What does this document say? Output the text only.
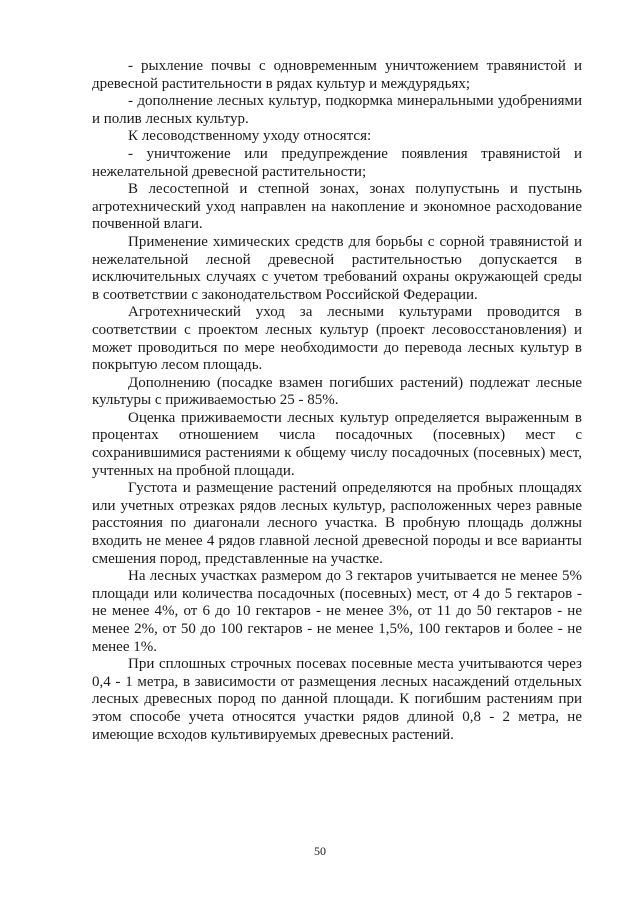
- рыхление почвы с одновременным уничтожением травянистой и древесной растительности в рядах культур и междурядьях;

- дополнение лесных культур, подкормка минеральными удобрениями и полив лесных культур.

К лесоводственному уходу относятся:

- уничтожение или предупреждение появления травянистой и нежелательной древесной растительности;

В лесостепной и степной зонах, зонах полупустынь и пустынь агротехнический уход направлен на накопление и экономное расходование почвенной влаги.

Применение химических средств для борьбы с сорной травянистой и нежелательной лесной древесной растительностью допускается в исключительных случаях с учетом требований охраны окружающей среды в соответствии с законодательством Российской Федерации.

Агротехнический уход за лесными культурами проводится в соответствии с проектом лесных культур (проект лесовосстановления) и может проводиться по мере необходимости до перевода лесных культур в покрытую лесом площадь.

Дополнению (посадке взамен погибших растений) подлежат лесные культуры с приживаемостью 25 - 85%.

Оценка приживаемости лесных культур определяется выраженным в процентах отношением числа посадочных (посевных) мест с сохранившимися растениями к общему числу посадочных (посевных) мест, учтенных на пробной площади.

Густота и размещение растений определяются на пробных площадях или учетных отрезках рядов лесных культур, расположенных через равные расстояния по диагонали лесного участка. В пробную площадь должны входить не менее 4 рядов главной лесной древесной породы и все варианты смешения пород, представленные на участке.

На лесных участках размером до 3 гектаров учитывается не менее 5% площади или количества посадочных (посевных) мест, от 4 до 5 гектаров - не менее 4%, от 6 до 10 гектаров - не менее 3%, от 11 до 50 гектаров - не менее 2%, от 50 до 100 гектаров - не менее 1,5%, 100 гектаров и более - не менее 1%.

При сплошных строчных посевах посевные места учитываются через 0,4 - 1 метра, в зависимости от размещения лесных насаждений отдельных лесных древесных пород по данной площади. К погибшим растениям при этом способе учета относятся участки рядов длиной 0,8 - 2 метра, не имеющие всходов культивируемых древесных растений.

50
